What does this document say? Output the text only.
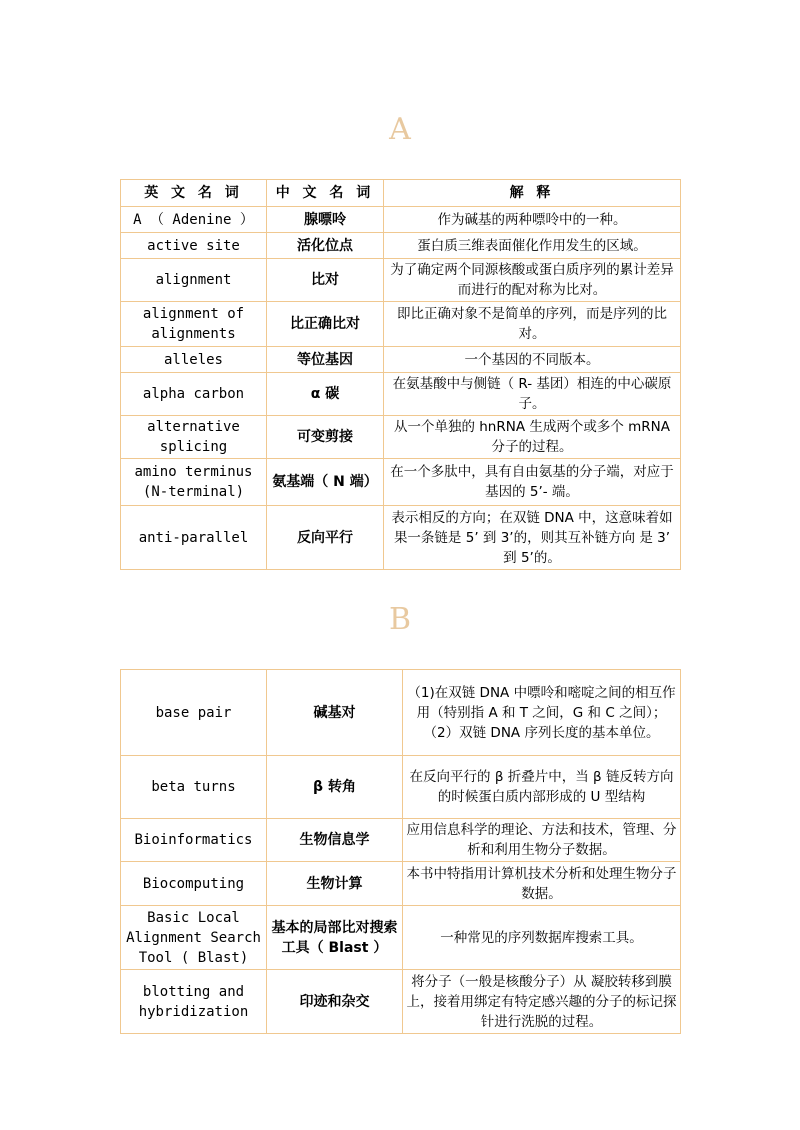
A
英 文 名 词	中 文 名 词	解 释
A （ Adenine ）	腺嘌呤	作为碱基的两种嘌呤中的一种。
active site	活化位点	蛋白质三维表面催化作用发生的区域。
alignment	比对	为了确定两个同源核酸或蛋白质序列的累计差异而进行的配对称为比对。
alignment of alignments	比正确比对	即比正确对象不是简单的序列，而是序列的比对。
alleles	等位基因	一个基因的不同版本。
alpha carbon	α 碳	在氨基酸中与侧链（ R- 基团）相连的中心碳原子。
alternative splicing	可变剪接	从一个单独的 hnRNA 生成两个或多个 mRNA 分子的过程。
amino terminus (N-terminal)	氨基端（ N 端）	在一个多肽中，具有自由氨基的分子端，对应于基因的 5’- 端。
anti-parallel	反向平行	表示相反的方向；在双链 DNA 中，这意味着如果一条链是 5’ 到 3’的，则其互补链方向 是 3’ 到 5’的。
B
base pair	碱基对	（1)在双链 DNA 中嘌呤和嘧啶之间的相互作用（特别指 A 和 T 之间，G 和 C 之间）；（2）双链 DNA 序列长度的基本单位。
beta turns	β 转角	在反向平行的 β 折叠片中，当 β 链反转方向的时候蛋白质内部形成的 U 型结构
Bioinformatics	生物信息学	应用信息科学的理论、方法和技术，管理、分析和利用生物分子数据。
Biocomputing	生物计算	本书中特指用计算机技术分析和处理生物分子数据。
Basic Local Alignment Search Tool ( Blast)	基本的局部比对搜索工具（ Blast ）	一种常见的序列数据库搜索工具。
blotting and hybridization	印迹和杂交	将分子（一般是核酸分子）从 凝胶转移到膜上，接着用绑定有特定感兴趣的分子的标记探针进行洗脱的过程。
